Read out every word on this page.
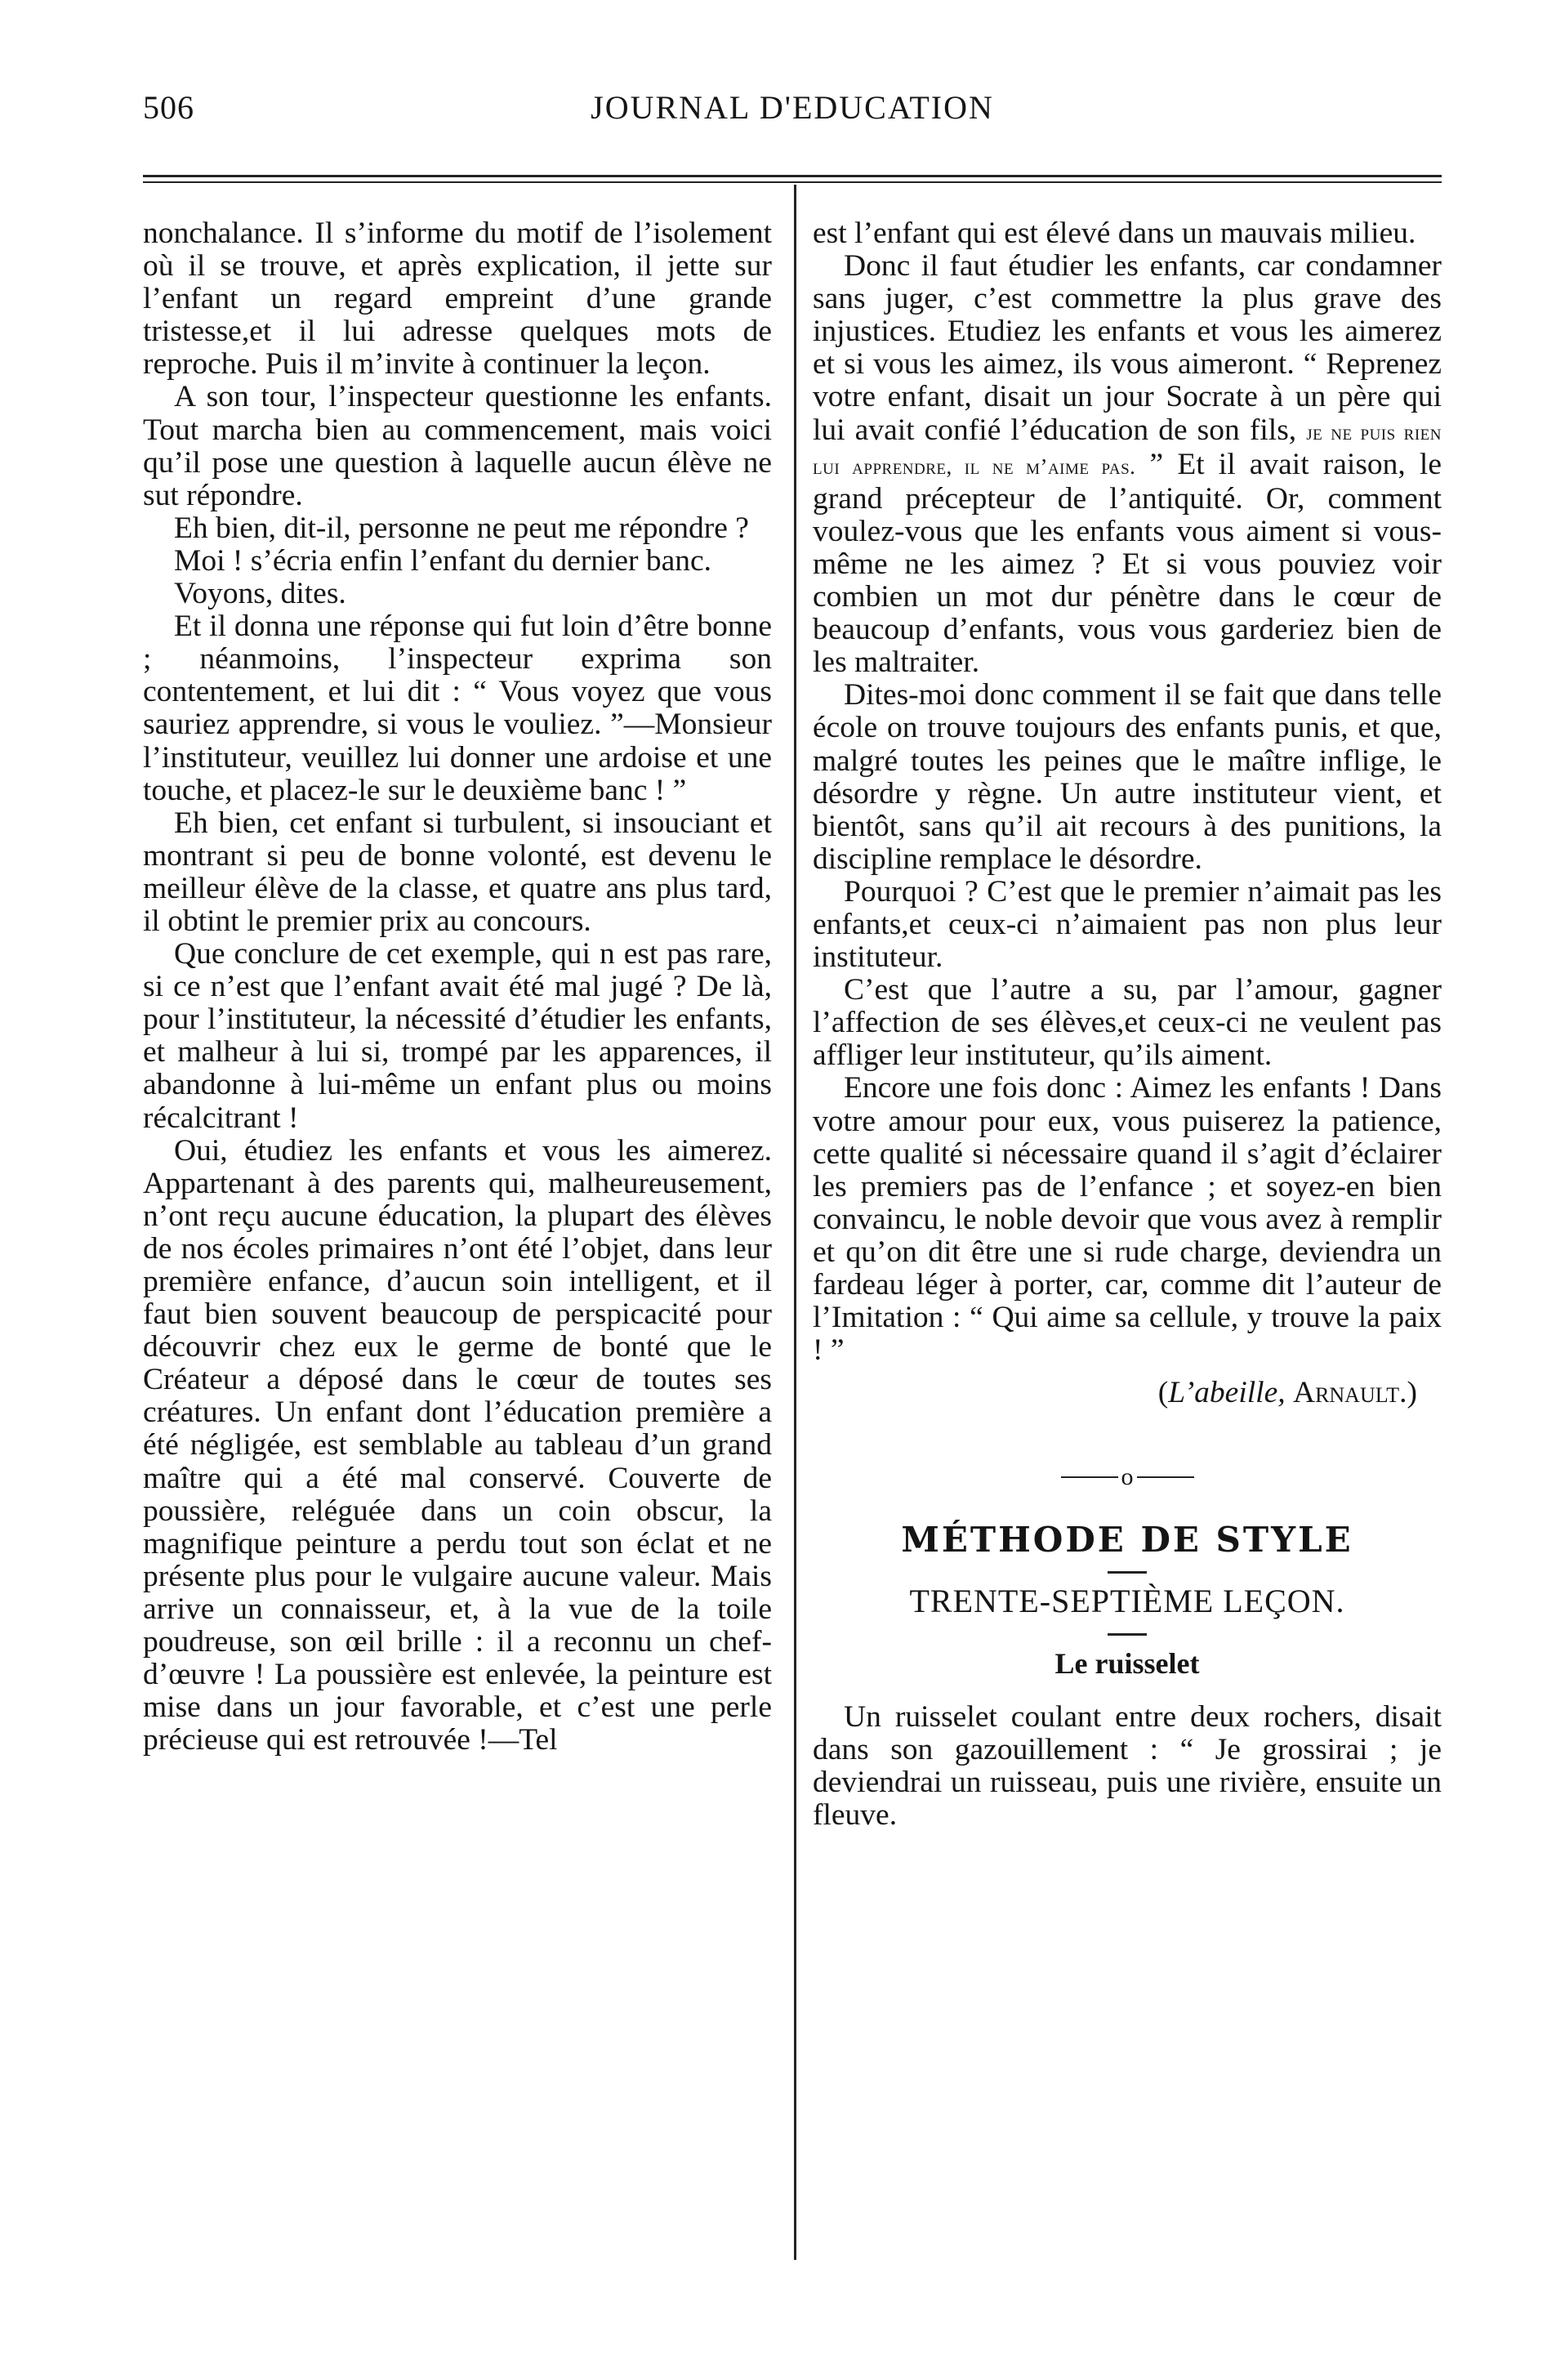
506	JOURNAL D'EDUCATION

nonchalance. Il s’informe du motif de l’isolement où il se trouve, et après explication, il jette sur l’enfant un regard empreint d’une grande tristesse,et il lui adresse quelques mots de reproche. Puis il m’invite à continuer la leçon.

A son tour, l’inspecteur questionne les enfants. Tout marcha bien au commencement, mais voici qu’il pose une question à laquelle aucun élève ne sut répondre.

Eh bien, dit-il, personne ne peut me répondre ?

Moi ! s’écria enfin l’enfant du dernier banc.

Voyons, dites.

Et il donna une réponse qui fut loin d’être bonne ; néanmoins, l’inspecteur exprima son contentement, et lui dit : “ Vous voyez que vous sauriez apprendre, si vous le vouliez. ”—Monsieur l’instituteur, veuillez lui donner une ardoise et une touche, et placez-le sur le deuxième banc ! ”

Eh bien, cet enfant si turbulent, si insouciant et montrant si peu de bonne volonté, est devenu le meilleur élève de la classe, et quatre ans plus tard, il obtint le premier prix au concours.

Que conclure de cet exemple, qui n est pas rare, si ce n’est que l’enfant avait été mal jugé ? De là, pour l’instituteur, la nécessité d’étudier les enfants, et malheur à lui si, trompé par les apparences, il abandonne à lui-même un enfant plus ou moins récalcitrant !

Oui, étudiez les enfants et vous les aimerez. Appartenant à des parents qui, malheureusement, n’ont reçu aucune éducation, la plupart des élèves de nos écoles primaires n’ont été l’objet, dans leur première enfance, d’aucun soin intelligent, et il faut bien souvent beaucoup de perspicacité pour découvrir chez eux le germe de bonté que le Créateur a déposé dans le cœur de toutes ses créatures. Un enfant dont l’éducation première a été négligée, est semblable au tableau d’un grand maître qui a été mal conservé. Couverte de poussière, reléguée dans un coin obscur, la magnifique peinture a perdu tout son éclat et ne présente plus pour le vulgaire aucune valeur. Mais arrive un connaisseur, et, à la vue de la toile poudreuse, son œil brille : il a reconnu un chef-d’œuvre ! La poussière est enlevée, la peinture est mise dans un jour favorable, et c’est une perle précieuse qui est retrouvée !—Tel

est l’enfant qui est élevé dans un mauvais milieu.

Donc il faut étudier les enfants, car condamner sans juger, c’est commettre la plus grave des injustices. Etudiez les enfants et vous les aimerez et si vous les aimez, ils vous aimeront. “ Reprenez votre enfant, disait un jour Socrate à un père qui lui avait confié l’éducation de son fils, je ne puis rien lui apprendre, il ne m’aime pas. ” Et il avait raison, le grand précepteur de l’antiquité. Or, comment voulez-vous que les enfants vous aiment si vous-même ne les aimez ? Et si vous pouviez voir combien un mot dur pénètre dans le cœur de beaucoup d’enfants, vous vous garderiez bien de les maltraiter.

Dites-moi donc comment il se fait que dans telle école on trouve toujours des enfants punis, et que, malgré toutes les peines que le maître inflige, le désordre y règne. Un autre instituteur vient, et bientôt, sans qu’il ait recours à des punitions, la discipline remplace le désordre.

Pourquoi ? C’est que le premier n’aimait pas les enfants,et ceux-ci n’aimaient pas non plus leur instituteur.

C’est que l’autre a su, par l’amour, gagner l’affection de ses élèves,et ceux-ci ne veulent pas affliger leur instituteur, qu’ils aiment.

Encore une fois donc : Aimez les enfants ! Dans votre amour pour eux, vous puiserez la patience, cette qualité si nécessaire quand il s’agit d’éclairer les premiers pas de l’enfance ; et soyez-en bien convaincu, le noble devoir que vous avez à remplir et qu’on dit être une si rude charge, deviendra un fardeau léger à porter, car, comme dit l’auteur de l’Imitation : “ Qui aime sa cellule, y trouve la paix ! ”

(L’abeille, Arnault.)
o
MÉTHODE DE STYLE
TRENTE-SEPTIÈME LEÇON.
Le ruisselet

Un ruisselet coulant entre deux rochers, disait dans son gazouillement : “ Je grossirai ; je deviendrai un ruisseau, puis une rivière, ensuite un fleuve.
